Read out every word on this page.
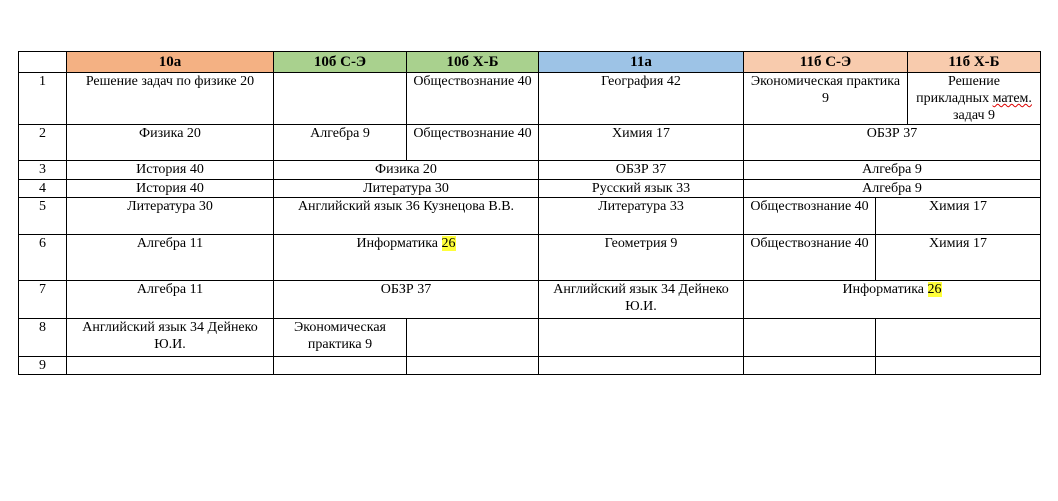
	10а	10б С-Э	10б Х-Б	11а	11б С-Э		11б Х-Б
1	Решение задач по физике 20		Обществознание 40	География 42	Экономическая практика 9		Решение прикладных матем. задач 9
2	Физика 20	Алгебра 9	Обществознание 40	Химия 17	ОБЗР 37		
3	История 40	Физика 20		ОБЗР 37	Алгебра 9		
4	История 40	Литература 30		Русский язык 33	Алгебра 9		
5	Литература 30	Английский язык 36 Кузнецова В.В.		Литература 33	Обществознание 40	Химия 17	
6	Алгебра 11	Информатика 26		Геометрия 9	Обществознание 40	Химия 17	
7	Алгебра 11	ОБЗР 37		Английский язык 34 Дейнеко Ю.И.	Информатика 26		
8	Английский язык 34 Дейнеко Ю.И.	Экономическая практика 9					
9							
